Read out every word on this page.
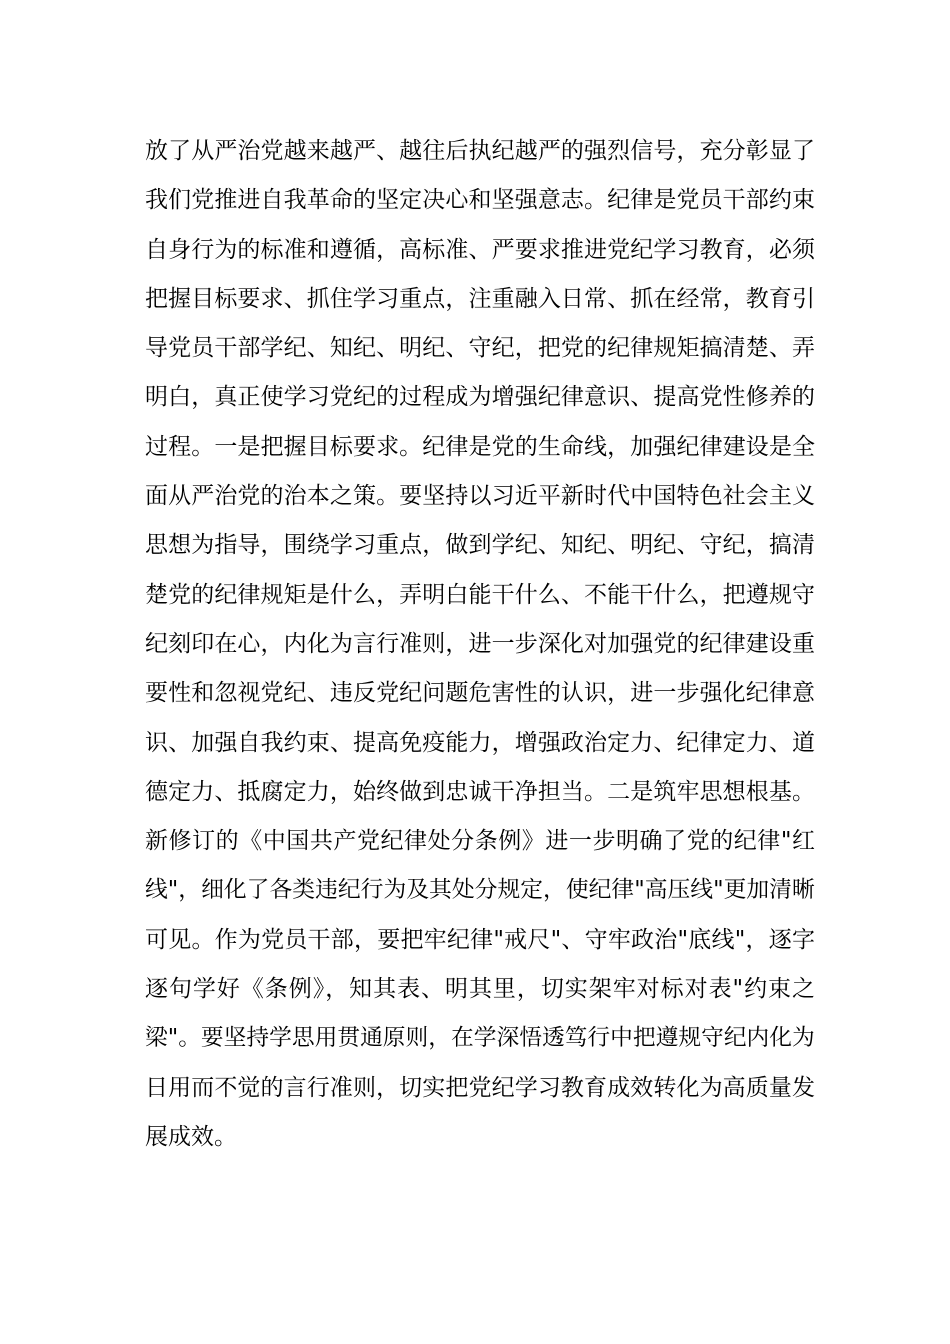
放了从严治党越来越严、越往后执纪越严的强烈信号，充分彰显了
我们党推进自我革命的坚定决心和坚强意志。纪律是党员干部约束
自身行为的标准和遵循，高标准、严要求推进党纪学习教育，必须
把握目标要求、抓住学习重点，注重融入日常、抓在经常，教育引
导党员干部学纪、知纪、明纪、守纪，把党的纪律规矩搞清楚、弄
明白，真正使学习党纪的过程成为增强纪律意识、提高党性修养的
过程。一是把握目标要求。纪律是党的生命线，加强纪律建设是全
面从严治党的治本之策。要坚持以习近平新时代中国特色社会主义
思想为指导，围绕学习重点，做到学纪、知纪、明纪、守纪，搞清
楚党的纪律规矩是什么，弄明白能干什么、不能干什么，把遵规守
纪刻印在心，内化为言行准则，进一步深化对加强党的纪律建设重
要性和忽视党纪、违反党纪问题危害性的认识，进一步强化纪律意
识、加强自我约束、提高免疫能力，增强政治定力、纪律定力、道
德定力、抵腐定力，始终做到忠诚干净担当。二是筑牢思想根基。
新修订的《中国共产党纪律处分条例》进一步明确了党的纪律"红
线"，细化了各类违纪行为及其处分规定，使纪律"高压线"更加清晰
可见。作为党员干部，要把牢纪律"戒尺"、守牢政治"底线"，逐字
逐句学好《条例》，知其表、明其里，切实架牢对标对表"约束之
梁"。要坚持学思用贯通原则，在学深悟透笃行中把遵规守纪内化为
日用而不觉的言行准则，切实把党纪学习教育成效转化为高质量发
展成效。
